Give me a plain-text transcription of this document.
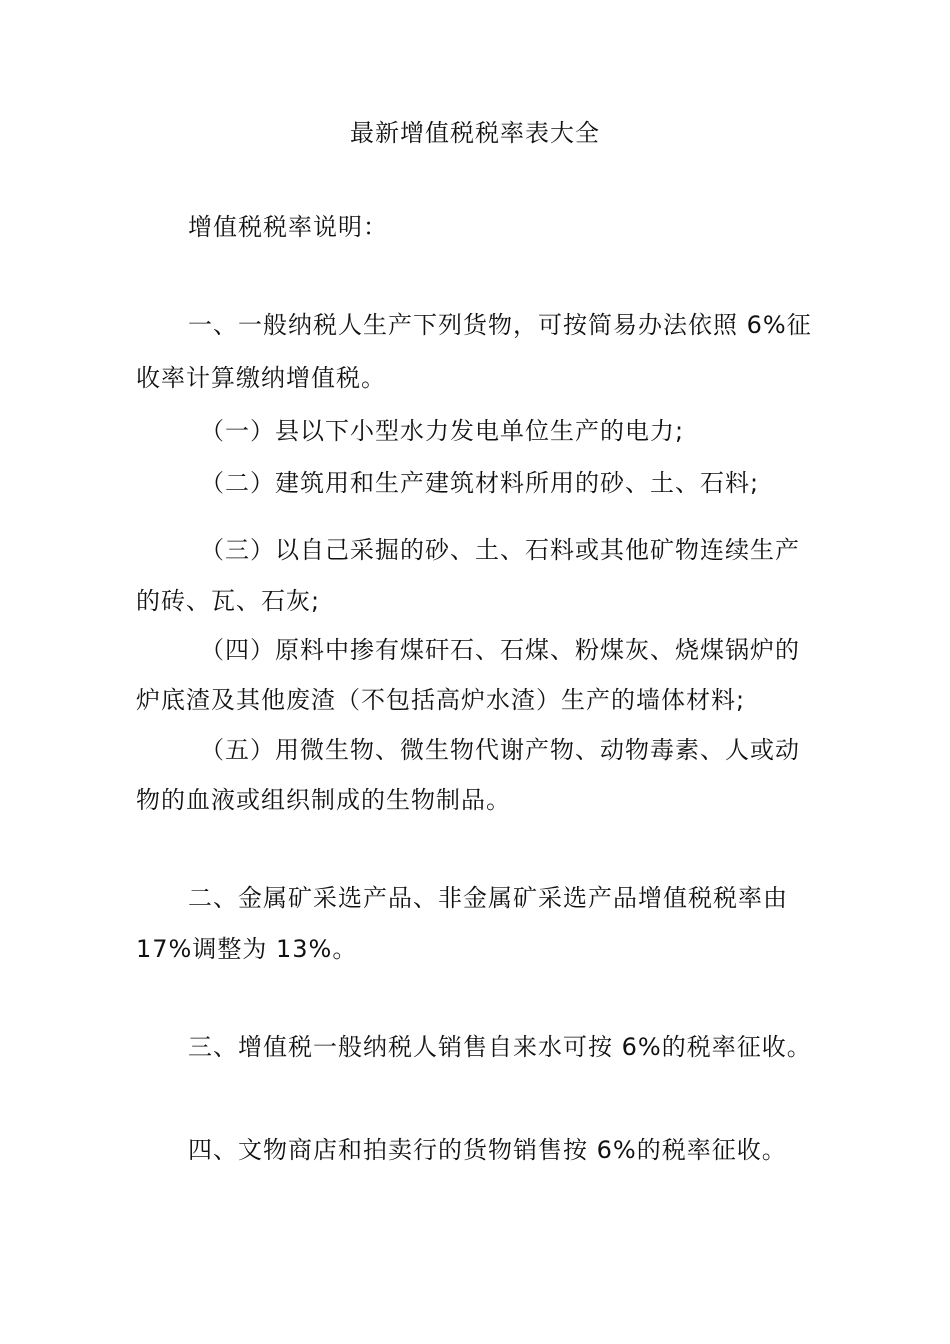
最新增值税税率表大全
增值税税率说明：
一、一般纳税人生产下列货物，可按简易办法依照 6%征
收率计算缴纳增值税。
（一）县以下小型水力发电单位生产的电力;
（二）建筑用和生产建筑材料所用的砂、土、石料;
（三）以自己采掘的砂、土、石料或其他矿物连续生产
的砖、瓦、石灰;
（四）原料中掺有煤矸石、石煤、粉煤灰、烧煤锅炉的
炉底渣及其他废渣（不包括高炉水渣）生产的墙体材料;
（五）用微生物、微生物代谢产物、动物毒素、人或动
物的血液或组织制成的生物制品。
二、金属矿采选产品、非金属矿采选产品增值税税率由
17%调整为 13%。
三、增值税一般纳税人销售自来水可按 6%的税率征收。
四、文物商店和拍卖行的货物销售按 6%的税率征收。
